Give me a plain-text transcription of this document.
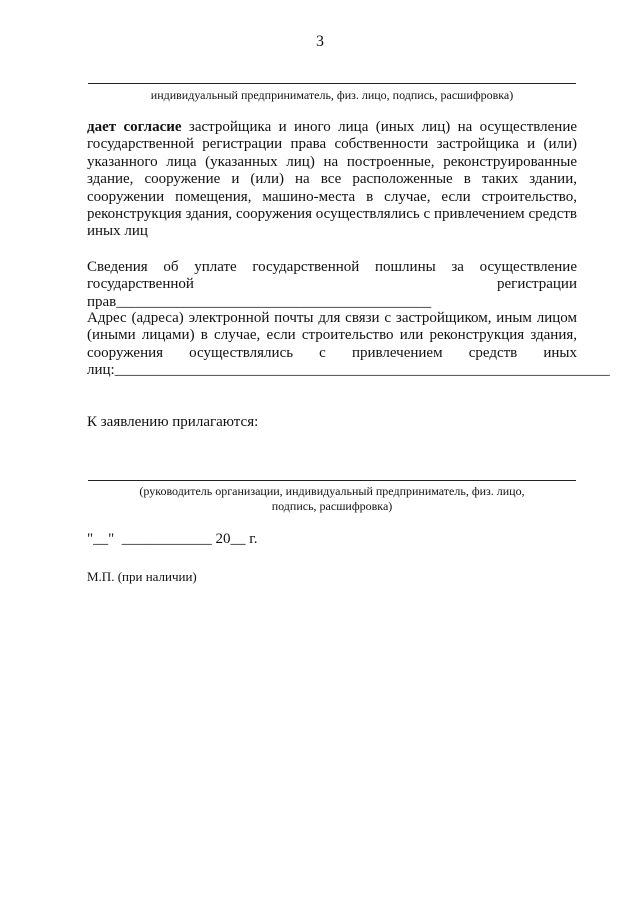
3
индивидуальный предприниматель, физ. лицо, подпись, расшифровка)

дает согласие застройщика и иного лица (иных лиц) на осуществление государственной регистрации права собственности застройщика и (или) указанного лица (указанных лиц) на построенные, реконструированные здание, сооружение и (или) на все расположенные в таких здании, сооружении помещения, машино-места в случае, если строительство, реконструкция здания, сооружения осуществлялись с привлечением средств иных лиц

Сведения об уплате государственной пошлины за осуществление государственной регистрации прав__________________________________________

Адрес (адреса) электронной почты для связи с застройщиком, иным лицом (иными лицами) в случае, если строительство или реконструкция здания, сооружения осуществлялись с привлечением средств иных лиц:__________________________________________________________________

К заявлению прилагаются:
(руководитель организации, индивидуальный предприниматель, физ. лицо,
подпись, расшифровка)
"__"  ____________ 20__ г.
М.П. (при наличии)
